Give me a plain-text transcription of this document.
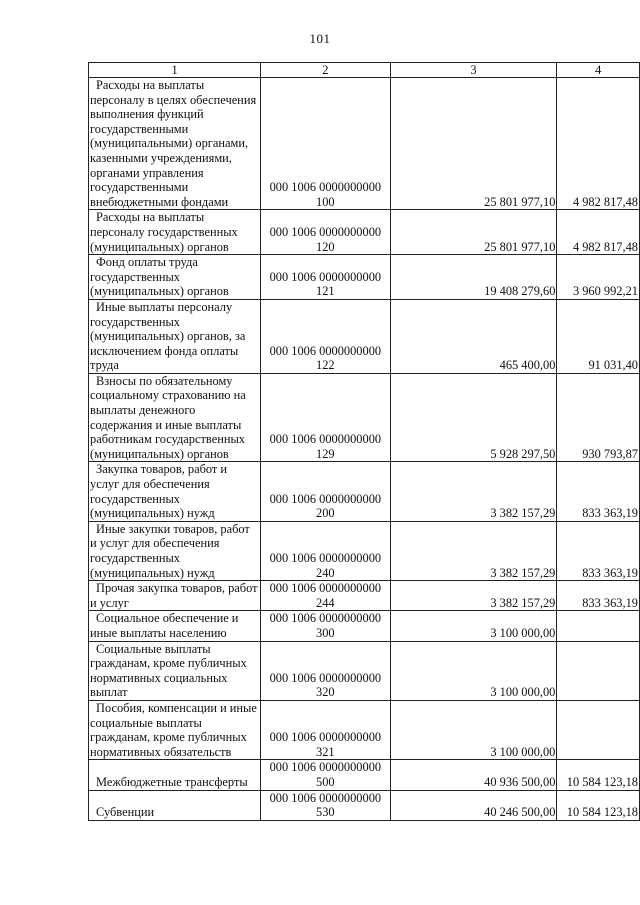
101
1	2	3	4
Расходы на выплаты персоналу в целях обеспечения выполнения функций государственными (муниципальными) органами, казенными учреждениями, органами управления государственными внебюджетными фондами	000 1006 0000000000 100	25 801 977,10	4 982 817,48
Расходы на выплаты персоналу государственных (муниципальных) органов	000 1006 0000000000 120	25 801 977,10	4 982 817,48
Фонд оплаты труда государственных (муниципальных) органов	000 1006 0000000000 121	19 408 279,60	3 960 992,21
Иные выплаты персоналу государственных (муниципальных) органов, за исключением фонда оплаты труда	000 1006 0000000000 122	465 400,00	91 031,40
Взносы по обязательному социальному страхованию на выплаты денежного содержания и иные выплаты работникам государственных (муниципальных) органов	000 1006 0000000000 129	5 928 297,50	930 793,87
Закупка товаров, работ и услуг для обеспечения государственных (муниципальных) нужд	000 1006 0000000000 200	3 382 157,29	833 363,19
Иные закупки товаров, работ и услуг для обеспечения государственных (муниципальных) нужд	000 1006 0000000000 240	3 382 157,29	833 363,19
Прочая закупка товаров, работ и услуг	000 1006 0000000000 244	3 382 157,29	833 363,19
Социальное обеспечение и иные выплаты населению	000 1006 0000000000 300	3 100 000,00	
Социальные выплаты гражданам, кроме публичных нормативных социальных выплат	000 1006 0000000000 320	3 100 000,00	
Пособия, компенсации и иные социальные выплаты гражданам, кроме публичных нормативных обязательств	000 1006 0000000000 321	3 100 000,00	
Межбюджетные трансферты	000 1006 0000000000 500	40 936 500,00	10 584 123,18
Субвенции	000 1006 0000000000 530	40 246 500,00	10 584 123,18
